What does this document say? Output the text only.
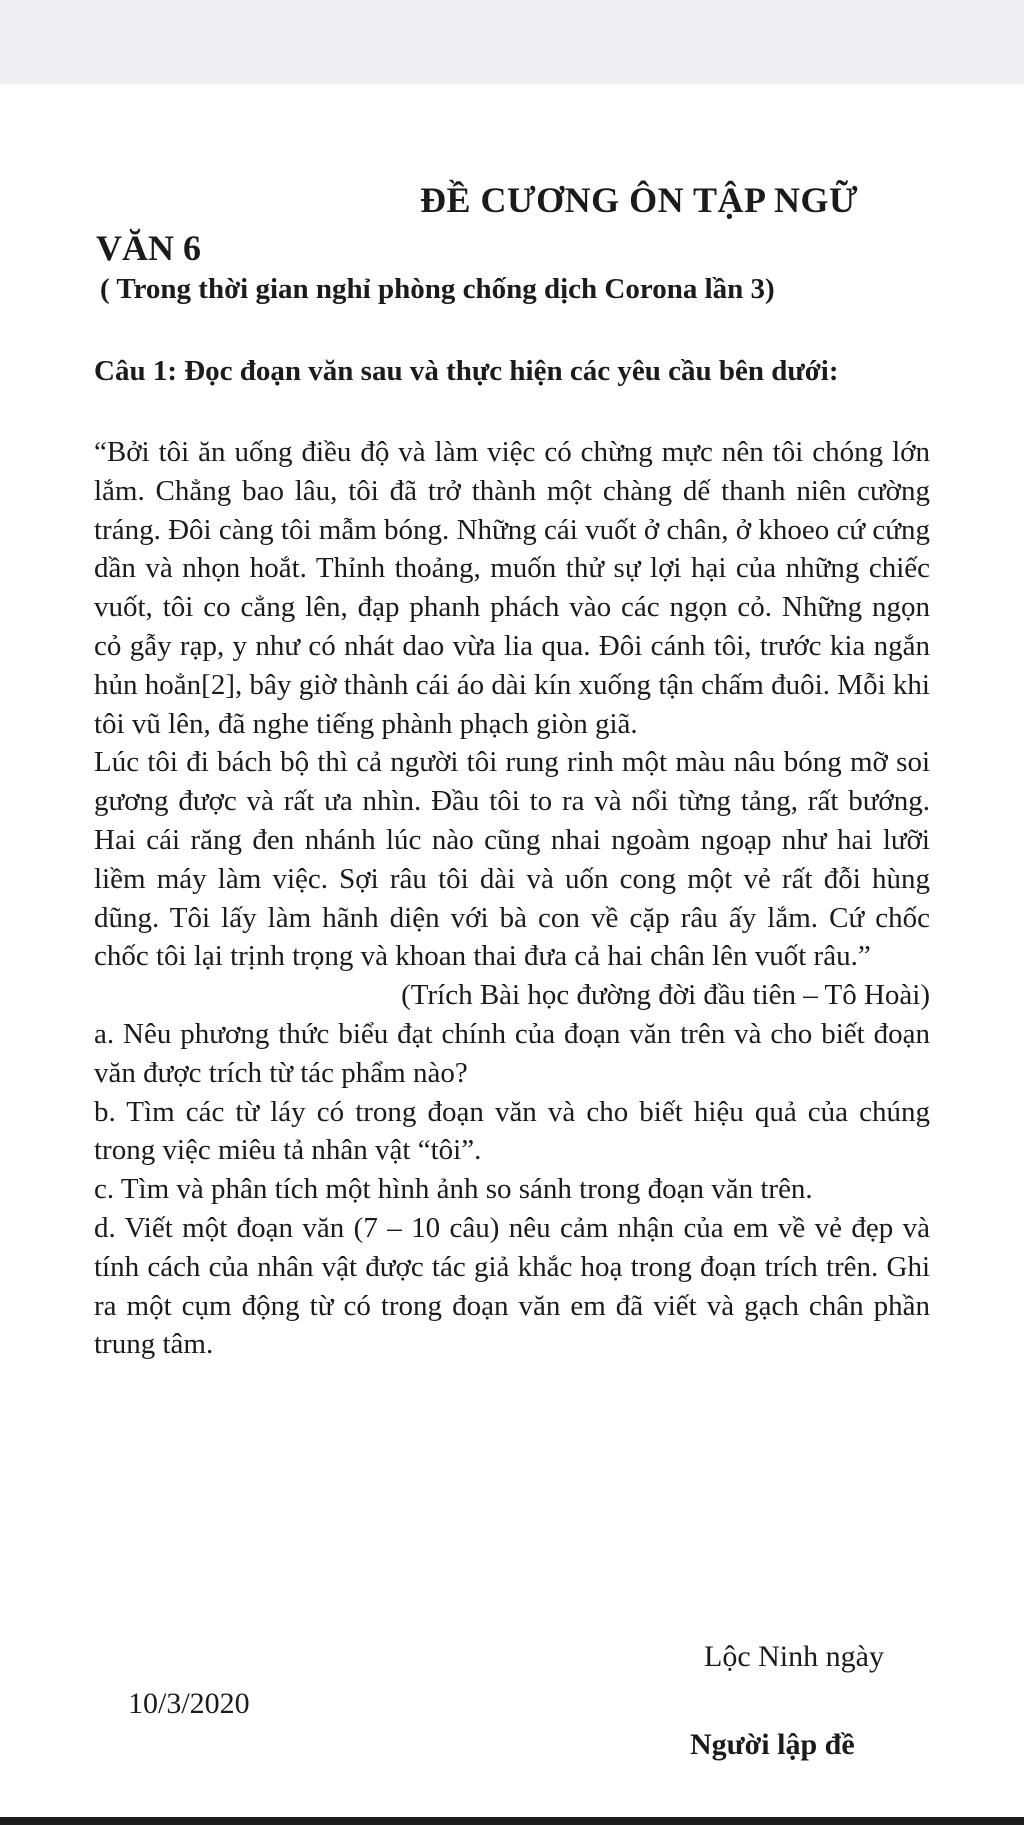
ĐỀ CƯƠNG ÔN TẬP NGỮ
VĂN 6
( Trong thời gian nghỉ phòng chống dịch Corona lần 3)
Câu 1: Đọc đoạn văn sau và thực hiện các yêu cầu bên dưới:

“Bởi tôi ăn uống điều độ và làm việc có chừng mực nên tôi chóng lớn lắm. Chẳng bao lâu, tôi đã trở thành một chàng dế thanh niên cường tráng. Đôi càng tôi mẫm bóng. Những cái vuốt ở chân, ở khoeo cứ cứng dần và nhọn hoắt. Thỉnh thoảng, muốn thử sự lợi hại của những chiếc vuốt, tôi co cẳng lên, đạp phanh phách vào các ngọn cỏ. Những ngọn cỏ gẫy rạp, y như có nhát dao vừa lia qua. Đôi cánh tôi, trước kia ngắn hủn hoẳn[2], bây giờ thành cái áo dài kín xuống tận chấm đuôi. Mỗi khi tôi vũ lên, đã nghe tiếng phành phạch giòn giã.

Lúc tôi đi bách bộ thì cả người tôi rung rinh một màu nâu bóng mỡ soi gương được và rất ưa nhìn. Đầu tôi to ra và nổi từng tảng, rất bướng. Hai cái răng đen nhánh lúc nào cũng nhai ngoàm ngoạp như hai lưỡi liềm máy làm việc. Sợi râu tôi dài và uốn cong một vẻ rất đỗi hùng dũng. Tôi lấy làm hãnh diện với bà con về cặp râu ấy lắm. Cứ chốc chốc tôi lại trịnh trọng và khoan thai đưa cả hai chân lên vuốt râu.”

(Trích Bài học đường đời đầu tiên – Tô Hoài)

a. Nêu phương thức biểu đạt chính của đoạn văn trên và cho biết đoạn văn được trích từ tác phẩm nào?

b. Tìm các từ láy có trong đoạn văn và cho biết hiệu quả của chúng trong việc miêu tả nhân vật “tôi”.

c. Tìm và phân tích một hình ảnh so sánh trong đoạn văn trên.

d. Viết một đoạn văn (7 – 10 câu) nêu cảm nhận của em về vẻ đẹp và tính cách của nhân vật được tác giả khắc hoạ trong đoạn trích trên. Ghi ra một cụm động từ có trong đoạn văn em đã viết và gạch chân phần trung tâm.

Lộc Ninh ngày
10/3/2020
